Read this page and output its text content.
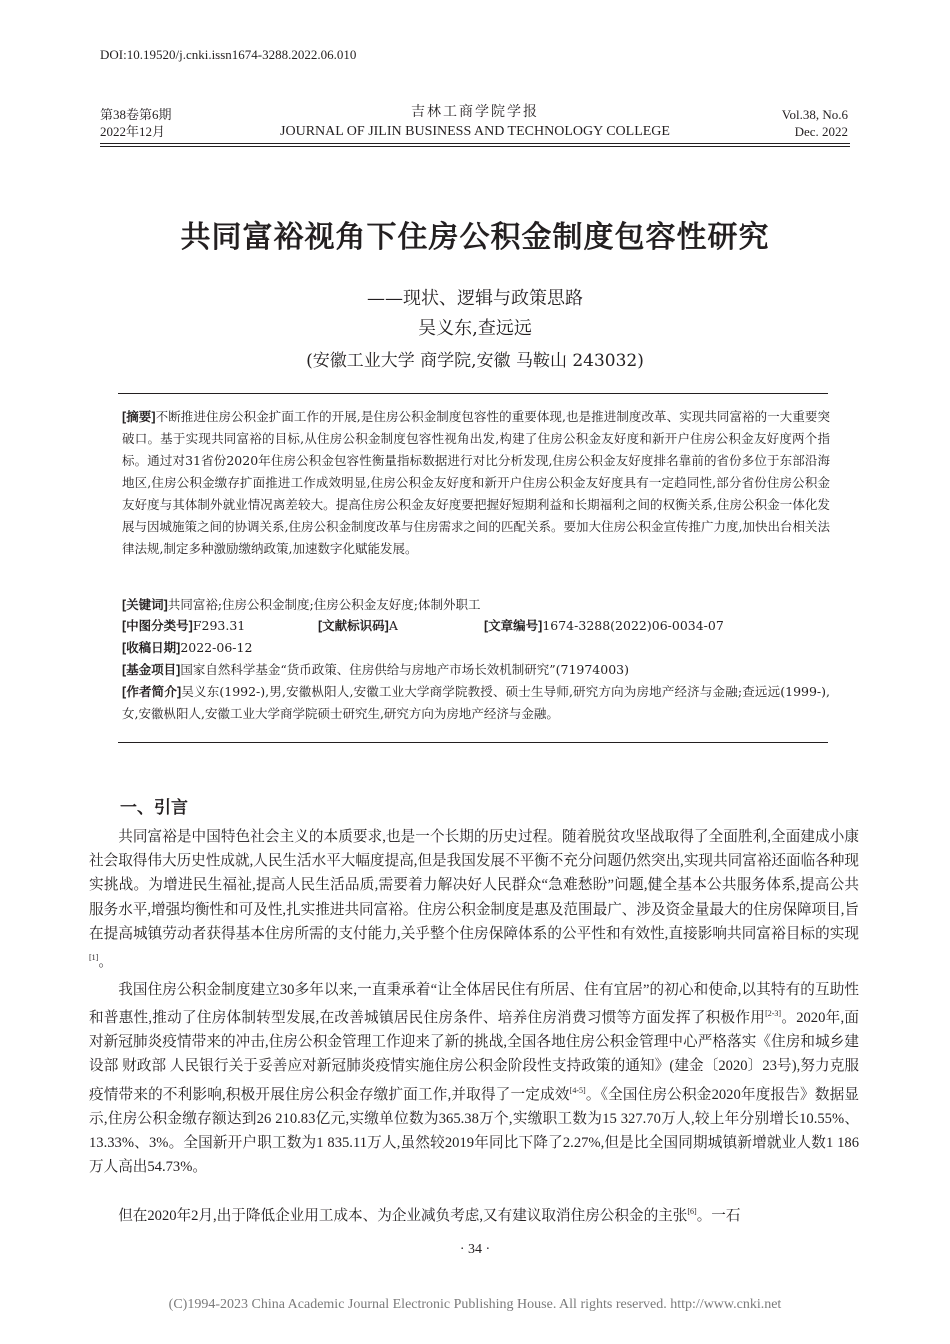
DOI:10.19520/j.cnki.issn1674-3288.2022.06.010
第38卷第6期
2022年12月
吉林工商学院学报
JOURNAL OF JILIN BUSINESS AND TECHNOLOGY COLLEGE
Vol.38, No.6
Dec. 2022
共同富裕视角下住房公积金制度包容性研究
——现状、逻辑与政策思路
吴义东,查远远
(安徽工业大学 商学院,安徽 马鞍山 243032)
[摘要]不断推进住房公积金扩面工作的开展,是住房公积金制度包容性的重要体现,也是推进制度改革、实现共同富裕的一大重要突破口。基于实现共同富裕的目标,从住房公积金制度包容性视角出发,构建了住房公积金友好度和新开户住房公积金友好度两个指标。通过对31省份2020年住房公积金包容性衡量指标数据进行对比分析发现,住房公积金友好度排名靠前的省份多位于东部沿海地区,住房公积金缴存扩面推进工作成效明显,住房公积金友好度和新开户住房公积金友好度具有一定趋同性,部分省份住房公积金友好度与其体制外就业情况离差较大。提高住房公积金友好度要把握好短期利益和长期福利之间的权衡关系,住房公积金一体化发展与因城施策之间的协调关系,住房公积金制度改革与住房需求之间的匹配关系。要加大住房公积金宣传推广力度,加快出台相关法律法规,制定多种激励缴纳政策,加速数字化赋能发展。
[关键词]共同富裕;住房公积金制度;住房公积金友好度;体制外职工
[中图分类号]F293.31	[文献标识码]A	[文章编号]1674-3288(2022)06-0034-07
[收稿日期]2022-06-12
[基金项目]国家自然科学基金“货币政策、住房供给与房地产市场长效机制研究”(71974003)
[作者简介]吴义东(1992-),男,安徽枞阳人,安徽工业大学商学院教授、硕士生导师,研究方向为房地产经济与金融;查远远(1999-),女,安徽枞阳人,安徽工业大学商学院硕士研究生,研究方向为房地产经济与金融。
一、引言

共同富裕是中国特色社会主义的本质要求,也是一个长期的历史过程。随着脱贫攻坚战取得了全面胜利,全面建成小康社会取得伟大历史性成就,人民生活水平大幅度提高,但是我国发展不平衡不充分问题仍然突出,实现共同富裕还面临各种现实挑战。为增进民生福祉,提高人民生活品质,需要着力解决好人民群众“急难愁盼”问题,健全基本公共服务体系,提高公共服务水平,增强均衡性和可及性,扎实推进共同富裕。住房公积金制度是惠及范围最广、涉及资金量最大的住房保障项目,旨在提高城镇劳动者获得基本住房所需的支付能力,关乎整个住房保障体系的公平性和有效性,直接影响共同富裕目标的实现[1]。

我国住房公积金制度建立30多年以来,一直秉承着“让全体居民住有所居、住有宜居”的初心和使命,以其特有的互助性和普惠性,推动了住房体制转型发展,在改善城镇居民住房条件、培养住房消费习惯等方面发挥了积极作用[2-3]。2020年,面对新冠肺炎疫情带来的冲击,住房公积金管理工作迎来了新的挑战,全国各地住房公积金管理中心严格落实《住房和城乡建设部 财政部 人民银行关于妥善应对新冠肺炎疫情实施住房公积金阶段性支持政策的通知》(建金〔2020〕23号),努力克服疫情带来的不利影响,积极开展住房公积金存缴扩面工作,并取得了一定成效[4-5]。《全国住房公积金2020年度报告》数据显示,住房公积金缴存额达到26 210.83亿元,实缴单位数为365.38万个,实缴职工数为15 327.70万人,较上年分别增长10.55%、13.33%、3%。全国新开户职工数为1 835.11万人,虽然较2019年同比下降了2.27%,但是比全国同期城镇新增就业人数1 186万人高出54.73%。

但在2020年2月,出于降低企业用工成本、为企业减负考虑,又有建议取消住房公积金的主张[6]。一石

· 34 ·
(C)1994-2023 China Academic Journal Electronic Publishing House. All rights reserved. http://www.cnki.net
